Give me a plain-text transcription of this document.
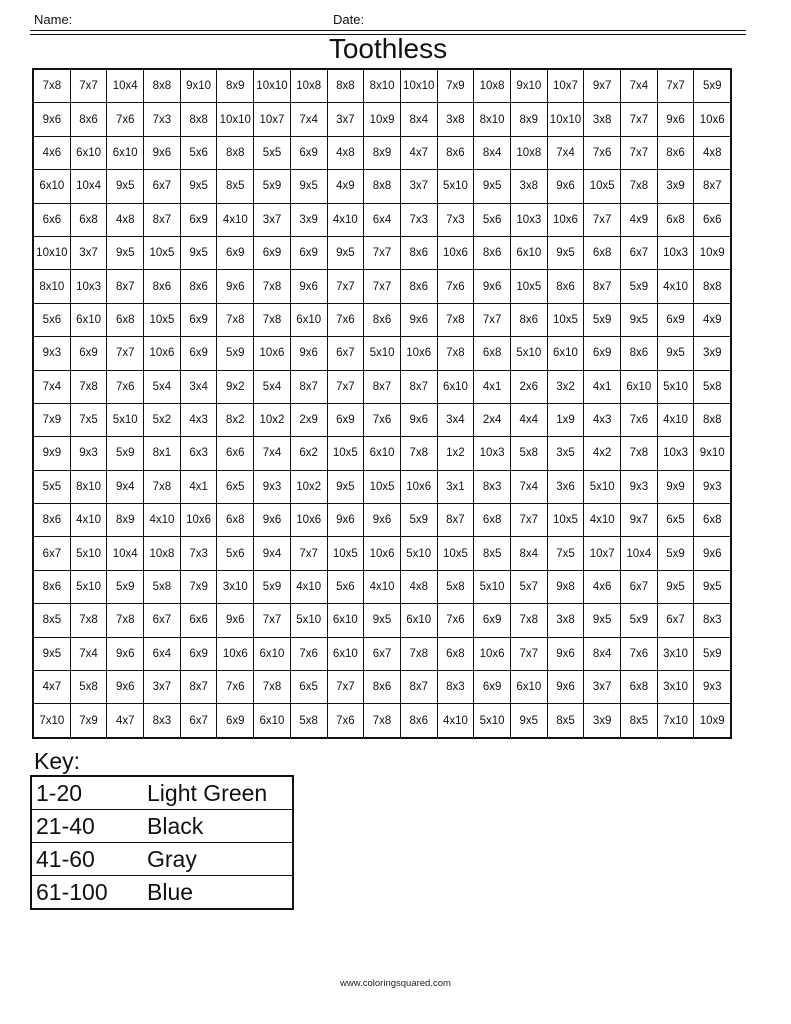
Name:	Date:
Toothless
7x8	7x7	10x4	8x8	9x10	8x9	10x10	10x8	8x8	8x10	10x10	7x9	10x8	9x10	10x7	9x7	7x4	7x7	5x9
9x6	8x6	7x6	7x3	8x8	10x10	10x7	7x4	3x7	10x9	8x4	3x8	8x10	8x9	10x10	3x8	7x7	9x6	10x6
4x6	6x10	6x10	9x6	5x6	8x8	5x5	6x9	4x8	8x9	4x7	8x6	8x4	10x8	7x4	7x6	7x7	8x6	4x8
6x10	10x4	9x5	6x7	9x5	8x5	5x9	9x5	4x9	8x8	3x7	5x10	9x5	3x8	9x6	10x5	7x8	3x9	8x7
6x6	6x8	4x8	8x7	6x9	4x10	3x7	3x9	4x10	6x4	7x3	7x3	5x6	10x3	10x6	7x7	4x9	6x8	6x6
10x10	3x7	9x5	10x5	9x5	6x9	6x9	6x9	9x5	7x7	8x6	10x6	8x6	6x10	9x5	6x8	6x7	10x3	10x9
8x10	10x3	8x7	8x6	8x6	9x6	7x8	9x6	7x7	7x7	8x6	7x6	9x6	10x5	8x6	8x7	5x9	4x10	8x8
5x6	6x10	6x8	10x5	6x9	7x8	7x8	6x10	7x6	8x6	9x6	7x8	7x7	8x6	10x5	5x9	9x5	6x9	4x9
9x3	6x9	7x7	10x6	6x9	5x9	10x6	9x6	6x7	5x10	10x6	7x8	6x8	5x10	6x10	6x9	8x6	9x5	3x9
7x4	7x8	7x6	5x4	3x4	9x2	5x4	8x7	7x7	8x7	8x7	6x10	4x1	2x6	3x2	4x1	6x10	5x10	5x8
7x9	7x5	5x10	5x2	4x3	8x2	10x2	2x9	6x9	7x6	9x6	3x4	2x4	4x4	1x9	4x3	7x6	4x10	8x8
9x9	9x3	5x9	8x1	6x3	6x6	7x4	6x2	10x5	6x10	7x8	1x2	10x3	5x8	3x5	4x2	7x8	10x3	9x10
5x5	8x10	9x4	7x8	4x1	6x5	9x3	10x2	9x5	10x5	10x6	3x1	8x3	7x4	3x6	5x10	9x3	9x9	9x3
8x6	4x10	8x9	4x10	10x6	6x8	9x6	10x6	9x6	9x6	5x9	8x7	6x8	7x7	10x5	4x10	9x7	6x5	6x8
6x7	5x10	10x4	10x8	7x3	5x6	9x4	7x7	10x5	10x6	5x10	10x5	8x5	8x4	7x5	10x7	10x4	5x9	9x6
8x6	5x10	5x9	5x8	7x9	3x10	5x9	4x10	5x6	4x10	4x8	5x8	5x10	5x7	9x8	4x6	6x7	9x5	9x5
8x5	7x8	7x8	6x7	6x6	9x6	7x7	5x10	6x10	9x5	6x10	7x6	6x9	7x8	3x8	9x5	5x9	6x7	8x3
9x5	7x4	9x6	6x4	6x9	10x6	6x10	7x6	6x10	6x7	7x8	6x8	10x6	7x7	9x6	8x4	7x6	3x10	5x9
4x7	5x8	9x6	3x7	8x7	7x6	7x8	6x5	7x7	8x6	8x7	8x3	6x9	6x10	9x6	3x7	6x8	3x10	9x3
7x10	7x9	4x7	8x3	6x7	6x9	6x10	5x8	7x6	7x8	8x6	4x10	5x10	9x5	8x5	3x9	8x5	7x10	10x9
Key:
1-20	Light Green
21-40	Black
41-60	Gray
61-100	Blue
www.coloringsquared.com
